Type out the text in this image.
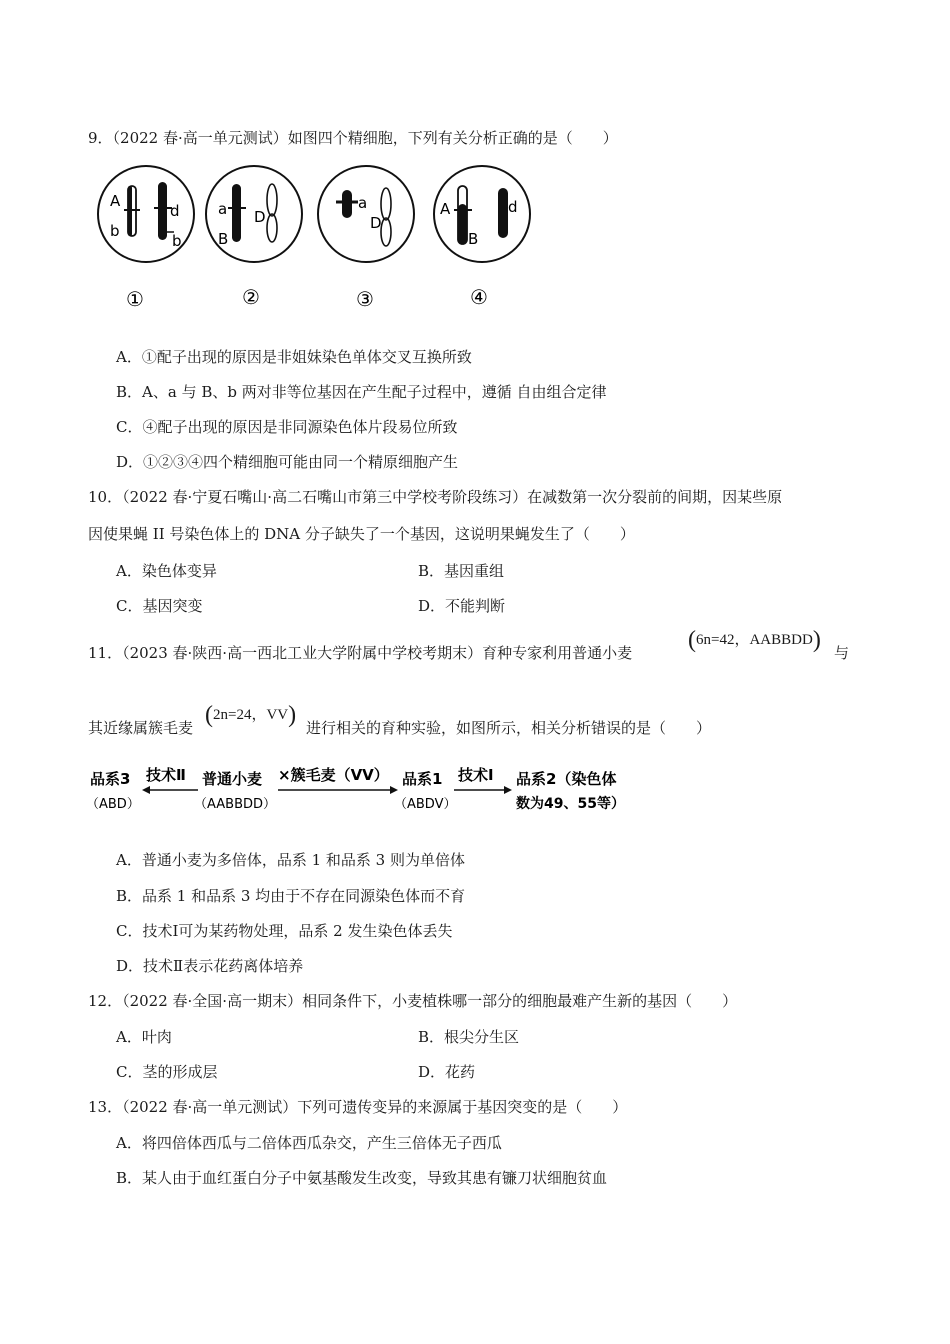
9．（2022 春·高一单元测试）如图四个精细胞，下列有关分析正确的是（　　）
A
b
d
b
a
B
D
a
D
A
B
d
①	②	③	④
A．①配子出现的原因是非姐妹染色单体交叉互换所致
B．A、a 与 B、b 两对非等位基因在产生配子过程中，遵循 自由组合定律
C．④配子出现的原因是非同源染色体片段易位所致
D．①②③④四个精细胞可能由同一个精原细胞产生
10．（2022 春·宁夏石嘴山·高二石嘴山市第三中学校考阶段练习）在减数第一次分裂前的间期，因某些原
因使果蝇 II 号染色体上的 DNA 分子缺失了一个基因，这说明果蝇发生了（　　）
A．染色体变异	B．基因重组
C．基因突变	D．不能判断
11．（2023 春·陕西·高一西北工业大学附属中学校考期末）育种专家利用普通小麦 (6n=42，AABBDD) 与
其近缘属簇毛麦 (2n=24，VV) 进行相关的育种实验，如图所示，相关分析错误的是（　　）
品系3
（ABD）
技术Ⅱ 普通小麦
（AABBDD）
×簇毛麦（VV） 品系1
（ABDV）
技术Ⅰ 品系2（染色体
数为49、55等）
A．普通小麦为多倍体，品系 1 和品系 3 则为单倍体
B．品系 1 和品系 3 均由于不存在同源染色体而不育
C．技术Ⅰ可为某药物处理，品系 2 发生染色体丢失
D．技术Ⅱ表示花药离体培养
12．（2022 春·全国·高一期末）相同条件下，小麦植株哪一部分的细胞最难产生新的基因（　　）
A．叶肉	B．根尖分生区
C．茎的形成层	D．花药
13．（2022 春·高一单元测试）下列可遗传变异的来源属于基因突变的是（　　）
A．将四倍体西瓜与二倍体西瓜杂交，产生三倍体无子西瓜
B．某人由于血红蛋白分子中氨基酸发生改变，导致其患有镰刀状细胞贫血
